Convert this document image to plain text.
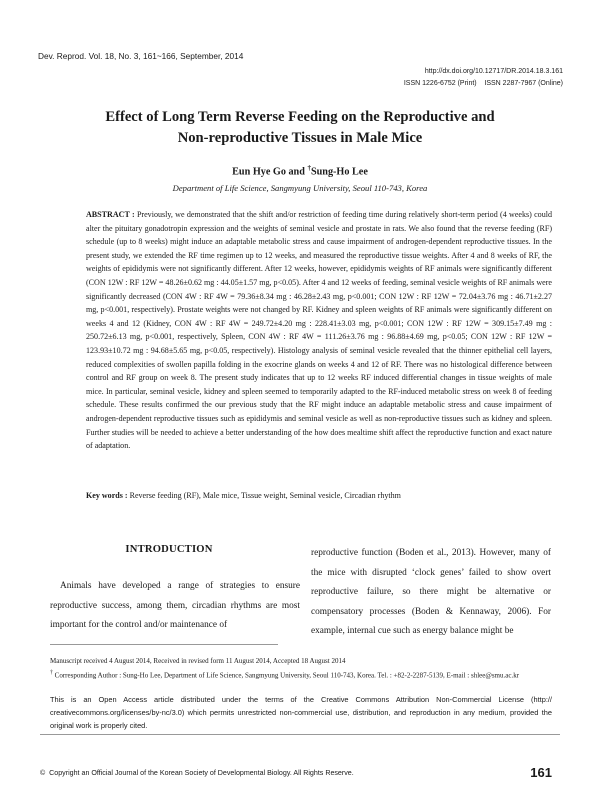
Dev. Reprod. Vol. 18, No. 3, 161~166, September, 2014
http://dx.doi.org/10.12717/DR.2014.18.3.161
ISSN 1226-6752 (Print)    ISSN 2287-7967 (Online)
Effect of Long Term Reverse Feeding on the Reproductive and
Non-reproductive Tissues in Male Mice
Eun Hye Go and †Sung-Ho Lee
Department of Life Science, Sangmyung University, Seoul 110-743, Korea
ABSTRACT : Previously, we demonstrated that the shift and/or restriction of feeding time during relatively short-term period (4 weeks) could alter the pituitary gonadotropin expression and the weights of seminal vesicle and prostate in rats. We also found that the reverse feeding (RF) schedule (up to 8 weeks) might induce an adaptable metabolic stress and cause impairment of androgen-dependent reproductive tissues. In the present study, we extended the RF time regimen up to 12 weeks, and measured the reproductive tissue weights. After 4 and 8 weeks of RF, the weights of epididymis were not significantly different. After 12 weeks, however, epididymis weights of RF animals were significantly different (CON 12W : RF 12W = 48.26±0.62 mg : 44.05±1.57 mg, p<0.05). After 4 and 12 weeks of feeding, seminal vesicle weights of RF animals were significantly decreased (CON 4W : RF 4W = 79.36±8.34 mg : 46.28±2.43 mg, p<0.001; CON 12W : RF 12W = 72.04±3.76 mg : 46.71±2.27 mg, p<0.001, respectively). Prostate weights were not changed by RF. Kidney and spleen weights of RF animals were significantly different on weeks 4 and 12 (Kidney, CON 4W : RF 4W = 249.72±4.20 mg : 228.41±3.03 mg, p<0.001; CON 12W : RF 12W = 309.15±7.49 mg : 250.72±6.13 mg, p<0.001, respectively, Spleen, CON 4W : RF 4W = 111.26±3.76 mg : 96.88±4.69 mg, p<0.05; CON 12W : RF 12W = 123.93±10.72 mg : 94.68±5.65 mg, p<0.05, respectively). Histology analysis of seminal vesicle revealed that the thinner epithelial cell layers, reduced complexities of swollen papilla folding in the exocrine glands on weeks 4 and 12 of RF. There was no histological difference between control and RF group on week 8. The present study indicates that up to 12 weeks RF induced differential changes in tissue weights of male mice. In particular, seminal vesicle, kidney and spleen seemed to temporarily adapted to the RF-induced metabolic stress on week 8 of feeding schedule. These results confirmed the our previous study that the RF might induce an adaptable metabolic stress and cause impairment of androgen-dependent reproductive tissues such as epididymis and seminal vesicle as well as non-reproductive tissues such as kidney and spleen. Further studies will be needed to achieve a better understanding of the how does mealtime shift affect the reproductive function and exact nature of adaptation.
Key words : Reverse feeding (RF), Male mice, Tissue weight, Seminal vesicle, Circadian rhythm
INTRODUCTION
Animals have developed a range of strategies to ensure reproductive success, among them, circadian rhythms are most important for the control and/or maintenance of
reproductive function (Boden et al., 2013). However, many of the mice with disrupted ‘clock genes’ failed to show overt reproductive failure, so there might be alternative or compensatory processes (Boden & Kennaway, 2006). For example, internal cue such as energy balance might be
Manuscript received 4 August 2014, Received in revised form 11 August 2014, Accepted 18 August 2014
† Corresponding Author : Sung-Ho Lee, Department of Life Science, Sangmyung University, Seoul 110-743, Korea. Tel. : +82-2-2287-5139, E-mail : shlee@smu.ac.kr
This is an Open Access article distributed under the terms of the Creative Commons Attribution Non-Commercial License (http:// creativecommons.org/licenses/by-nc/3.0) which permits unrestricted non-commercial use, distribution, and reproduction in any medium, provided the original work is properly cited.
©  Copyright an Official Journal of the Korean Society of Developmental Biology. All Rights Reserve.	161
